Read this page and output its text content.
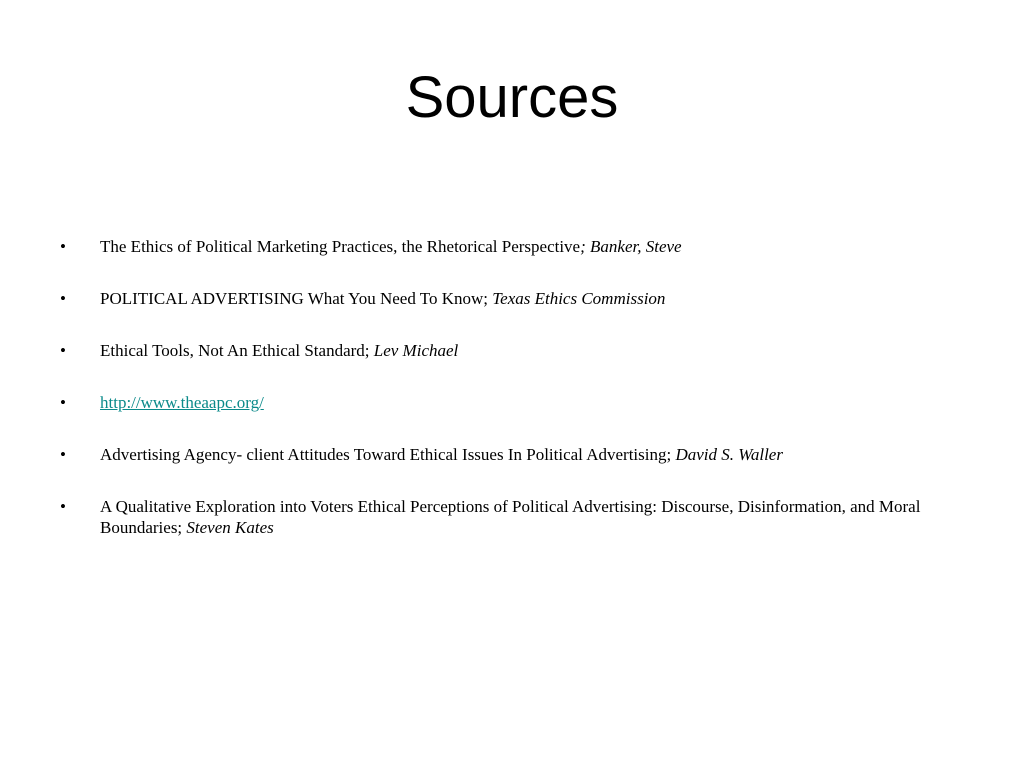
Sources
•	The Ethics of Political Marketing Practices, the Rhetorical Perspective; Banker, Steve
•	POLITICAL ADVERTISING What You Need To Know; Texas Ethics Commission
•	Ethical Tools, Not An Ethical Standard; Lev Michael
•	http://www.theaapc.org/
•	Advertising Agency- client Attitudes Toward Ethical Issues In Political Advertising; David S. Waller
•	A Qualitative Exploration into Voters Ethical Perceptions of Political Advertising: Discourse, Disinformation, and Moral Boundaries; Steven Kates
